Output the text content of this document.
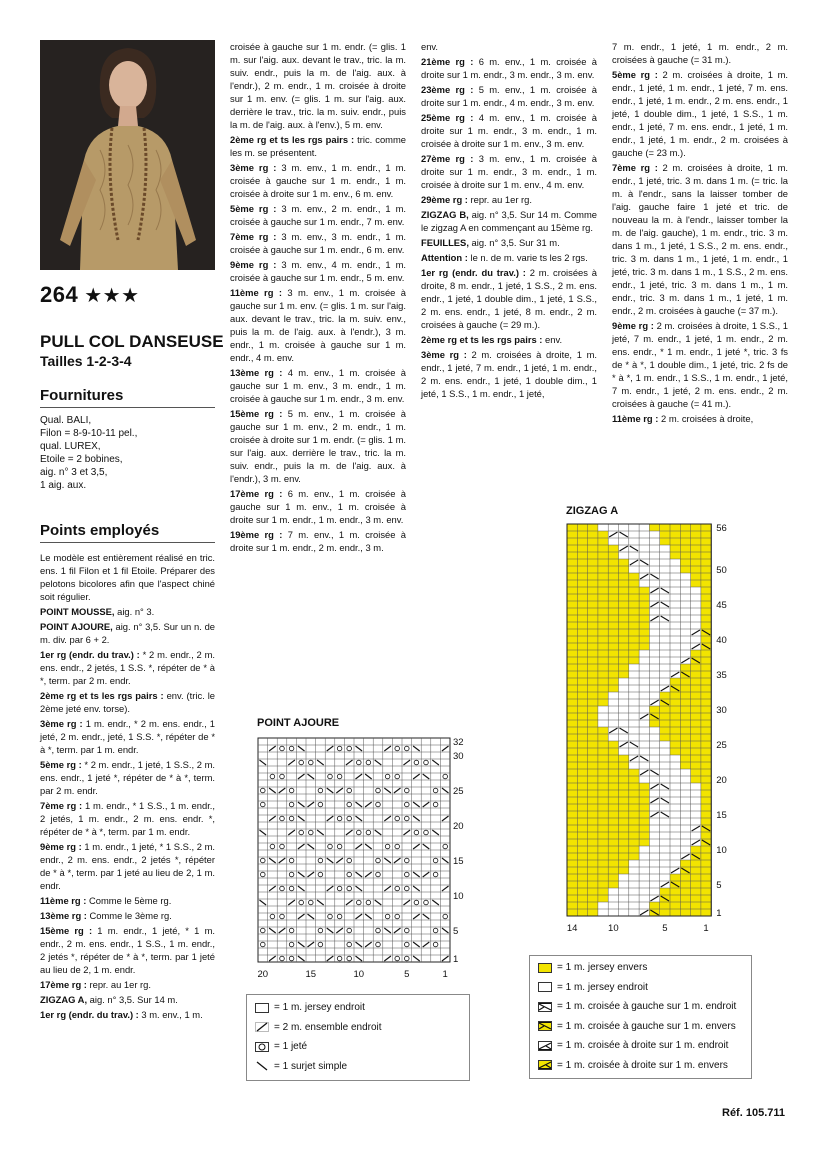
264 ★★★
PULL COL DANSEUSE
Tailles 1-2-3-4
Fournitures
Qual. BALI,
Filon = 8-9-10-11 pel.,
qual. LUREX,
Etoile = 2 bobines,
aig. n° 3 et 3,5,
1 aig. aux.
Points employés

Le modèle est entièrement réalisé en tric. ens. 1 fil Filon et 1 fil Etoile. Préparer des pelotons bicolores afin que l'aspect chiné soit régulier.

POINT MOUSSE, aig. n° 3.

POINT AJOURE, aig. n° 3,5. Sur un n. de m. div. par 6 + 2.

1er rg (endr. du trav.) : * 2 m. endr., 2 m. ens. endr., 2 jetés, 1 S.S. *, répéter de * à *, term. par 2 m. endr.

2ème rg et ts les rgs pairs : env. (tric. le 2ème jeté env. torse).

3ème rg : 1 m. endr., * 2 m. ens. endr., 1 jeté, 2 m. endr., jeté, 1 S.S. *, répéter de * à *, term. par 1 m. endr.

5ème rg : * 2 m. endr., 1 jeté, 1 S.S., 2 m. ens. endr., 1 jeté *, répéter de * à *, term. par 2 m. endr.

7ème rg : 1 m. endr., * 1 S.S., 1 m. endr., 2 jetés, 1 m. endr., 2 m. ens. endr. *, répéter de * à *, term. par 1 m. endr.

9ème rg : 1 m. endr., 1 jeté, * 1 S.S., 2 m. endr., 2 m. ens. endr., 2 jetés *, répéter de * à *, term. par 1 jeté au lieu de 2, 1 m. endr.

11ème rg : Comme le 5ème rg.

13ème rg : Comme le 3ème rg.

15ème rg : 1 m. endr., 1 jeté, * 1 m. endr., 2 m. ens. endr., 1 S.S., 1 m. endr., 2 jetés *, répéter de * à *, term. par 1 jeté au lieu de 2, 1 m. endr.

17ème rg : repr. au 1er rg.

ZIGZAG A, aig. n° 3,5. Sur 14 m.

1er rg (endr. du trav.) : 3 m. env., 1 m.

croisée à gauche sur 1 m. endr. (= glis. 1 m. sur l'aig. aux. devant le trav., tric. la m. suiv. endr., puis la m. de l'aig. aux. à l'endr.), 2 m. endr., 1 m. croisée à droite sur 1 m. env. (= glis. 1 m. sur l'aig. aux. derrière le trav., tric. la m. suiv. endr., puis la m. de l'aig. aux. à l'env.), 5 m. env.

2ème rg et ts les rgs pairs : tric. comme les m. se présentent.

3ème rg : 3 m. env., 1 m. endr., 1 m. croisée à gauche sur 1 m. endr., 1 m. croisée à droite sur 1 m. env., 6 m. env.

5ème rg : 3 m. env., 2 m. endr., 1 m. croisée à gauche sur 1 m. endr., 7 m. env.

7ème rg : 3 m. env., 3 m. endr., 1 m. croisée à gauche sur 1 m. endr., 6 m. env.

9ème rg : 3 m. env., 4 m. endr., 1 m. croisée à gauche sur 1 m. endr., 5 m. env.

11ème rg : 3 m. env., 1 m. croisée à gauche sur 1 m. env. (= glis. 1 m. sur l'aig. aux. devant le trav., tric. la m. suiv. env., puis la m. de l'aig. aux. à l'endr.), 3 m. endr., 1 m. croisée à gauche sur 1 m. endr., 4 m. env.

13ème rg : 4 m. env., 1 m. croisée à gauche sur 1 m. env., 3 m. endr., 1 m. croisée à gauche sur 1 m. endr., 3 m. env.

15ème rg : 5 m. env., 1 m. croisée à gauche sur 1 m. env., 2 m. endr., 1 m. croisée à droite sur 1 m. endr. (= glis. 1 m. sur l'aig. aux. derrière le trav., tric. la m. suiv. endr., puis la m. de l'aig. aux. à l'endr.), 3 m. env.

17ème rg : 6 m. env., 1 m. croisée à gauche sur 1 m. env., 1 m. croisée à droite sur 1 m. endr., 1 m. endr., 3 m. env.

19ème rg : 7 m. env., 1 m. croisée à droite sur 1 m. endr., 2 m. endr., 3 m.

env.

21ème rg : 6 m. env., 1 m. croisée à droite sur 1 m. endr., 3 m. endr., 3 m. env.

23ème rg : 5 m. env., 1 m. croisée à droite sur 1 m. endr., 4 m. endr., 3 m. env.

25ème rg : 4 m. env., 1 m. croisée à droite sur 1 m. endr., 3 m. endr., 1 m. croisée à droite sur 1 m. env., 3 m. env.

27ème rg : 3 m. env., 1 m. croisée à droite sur 1 m. endr., 3 m. endr., 1 m. croisée à droite sur 1 m. env., 4 m. env.

29ème rg : repr. au 1er rg.

ZIGZAG B, aig. n° 3,5. Sur 14 m. Comme le zigzag A en commençant au 15ème rg.

FEUILLES, aig. n° 3,5. Sur 31 m.

Attention : le n. de m. varie ts les 2 rgs.

1er rg (endr. du trav.) : 2 m. croisées à droite, 8 m. endr., 1 jeté, 1 S.S., 2 m. ens. endr., 1 jeté, 1 double dim., 1 jeté, 1 S.S., 2 m. ens. endr., 1 jeté, 8 m. endr., 2 m. croisées à gauche (= 29 m.).

2ème rg et ts les rgs pairs : env.

3ème rg : 2 m. croisées à droite, 1 m. endr., 1 jeté, 7 m. endr., 1 jeté, 1 m. endr., 2 m. ens. endr., 1 jeté, 1 double dim., 1 jeté, 1 S.S., 1 m. endr., 1 jeté,

7 m. endr., 1 jeté, 1 m. endr., 2 m. croisées à gauche (= 31 m.).

5ème rg : 2 m. croisées à droite, 1 m. endr., 1 jeté, 1 m. endr., 1 jeté, 7 m. ens. endr., 1 jeté, 1 m. endr., 2 m. ens. endr., 1 jeté, 1 double dim., 1 jeté, 1 S.S., 1 m. endr., 1 jeté, 7 m. ens. endr., 1 jeté, 1 m. endr., 1 jeté, 1 m. endr., 2 m. croisées à gauche (= 23 m.).

7ème rg : 2 m. croisées à droite, 1 m. endr., 1 jeté, tric. 3 m. dans 1 m. (= tric. la m. à l'endr., sans la laisser tomber de l'aig. gauche faire 1 jeté et tric. de nouveau la m. à l'endr., laisser tomber la m. de l'aig. gauche), 1 m. endr., tric. 3 m. dans 1 m., 1 jeté, 1 S.S., 2 m. ens. endr., tric. 3 m. dans 1 m., 1 jeté, 1 m. endr., 1 jeté, tric. 3 m. dans 1 m., 1 S.S., 2 m. ens. endr., 1 jeté, tric. 3 m. dans 1 m., 1 m. endr., tric. 3 m. dans 1 m., 1 jeté, 1 m. endr., 2 m. croisées à gauche (= 37 m.).

9ème rg : 2 m. croisées à droite, 1 S.S., 1 jeté, 7 m. endr., 1 jeté, 1 m. endr., 2 m. ens. endr., * 1 m. endr., 1 jeté *, tric. 3 fs de * à *, 1 double dim., 1 jeté, tric. 2 fs de * à *, 1 m. endr., 1 S.S., 1 m. endr., 1 jeté, 7 m. endr., 1 jeté, 2 m. ens. endr., 2 m. croisées à gauche (= 41 m.).

11ème rg : 2 m. croisées à droite,

POINT AJOURE
32
30
25
20
15
10
5
1
20	15	10	5	1
= 1 m. jersey endroit
= 2 m. ensemble endroit
= 1 jeté
= 1 surjet simple
ZIGZAG A
56
50
45
40
35
30
25
20
15
10
5
1
14	10	5	1
= 1 m. jersey envers
= 1 m. jersey endroit
= 1 m. croisée à gauche sur 1 m. endroit
= 1 m. croisée à gauche sur 1 m. envers
= 1 m. croisée à droite sur 1 m. endroit
= 1 m. croisée à droite sur 1 m. envers
Réf. 105.711
